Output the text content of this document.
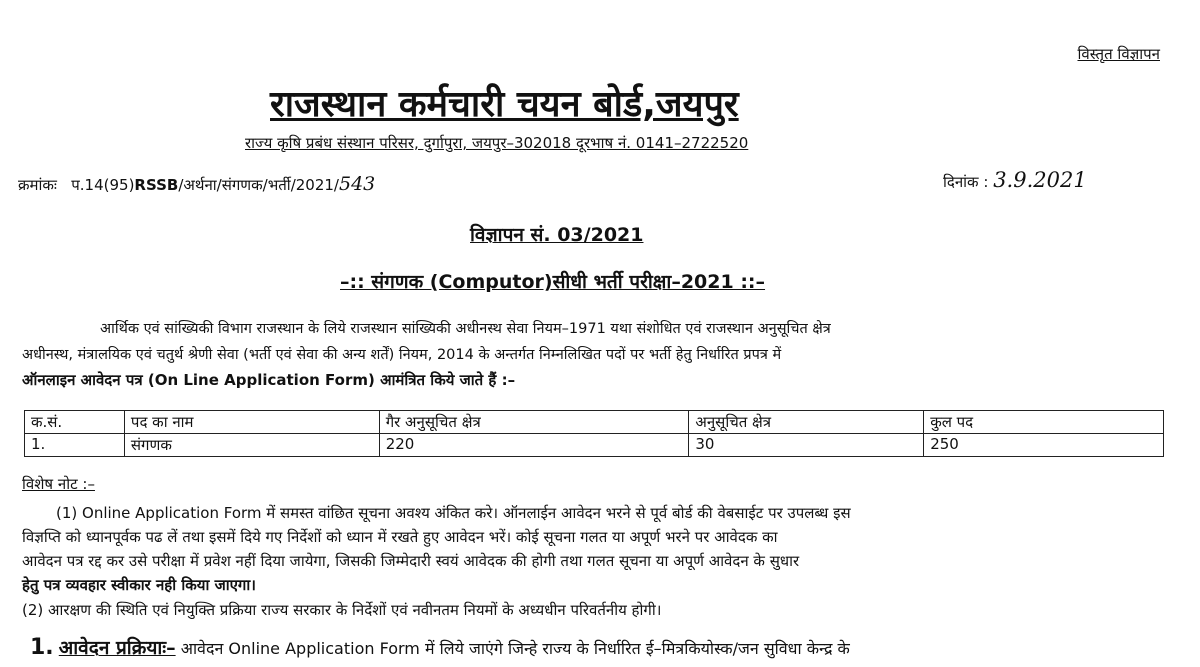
विस्तृत विज्ञापन
राजस्थान कर्मचारी चयन बोर्ड,जयपुर
राज्य कृषि प्रबंध संस्थान परिसर, दुर्गापुरा, जयपुर–302018 दूरभाष नं. 0141–2722520
क्रमांकः प.14(95)RSSB/अर्थना/संगणक/भर्ती/2021/543	दिनांक : 3.9.2021
विज्ञापन सं. 03/2021
–:: संगणक (Computor)सीधी भर्ती परीक्षा–2021 ::–
आर्थिक एवं सांख्यिकी विभाग राजस्थान के लिये राजस्थान सांख्यिकी अधीनस्थ सेवा नियम–1971 यथा संशोधित एवं राजस्थान अनुसूचित क्षेत्र
अधीनस्थ, मंत्रालयिक एवं चतुर्थ श्रेणी सेवा (भर्ती एवं सेवा की अन्य शर्तें) नियम, 2014 के अन्तर्गत निम्नलिखित पदों पर भर्ती हेतु निर्धारित प्रपत्र में
ऑनलाइन आवेदन पत्र (On Line Application Form) आमंत्रित किये जाते हैं :–
क.सं.	पद का नाम	गैर अनुसूचित क्षेत्र	अनुसूचित क्षेत्र	कुल पद
1.	संगणक	220	30	250
विशेष नोट :–
(1) Online Application Form में समस्त वांछित सूचना अवश्य अंकित करे। ऑनलाईन आवेदन भरने से पूर्व बोर्ड की वेबसाईट पर उपलब्ध इस
विज्ञप्ति को ध्यानपूर्वक पढ लें तथा इसमें दिये गए निर्देशों को ध्यान में रखते हुए आवेदन भरें। कोई सूचना गलत या अपूर्ण भरने पर आवेदक का
आवेदन पत्र रद्द कर उसे परीक्षा में प्रवेश नहीं दिया जायेगा, जिसकी जिम्मेदारी स्वयं आवेदक की होगी तथा गलत सूचना या अपूर्ण आवेदन के सुधार
हेतु पत्र व्यवहार स्वीकार नही किया जाएगा।
(2) आरक्षण की स्थिति एवं नियुक्ति प्रक्रिया राज्य सरकार के निर्देशों एवं नवीनतम नियमों के अध्यधीन परिवर्तनीय होगी।
1. आवेदन प्रक्रियाः– आवेदन Online Application Form में लिये जाएंगे जिन्हे राज्य के निर्धारित ई–मित्रकियोस्क/जन सुविधा केन्द्र के
